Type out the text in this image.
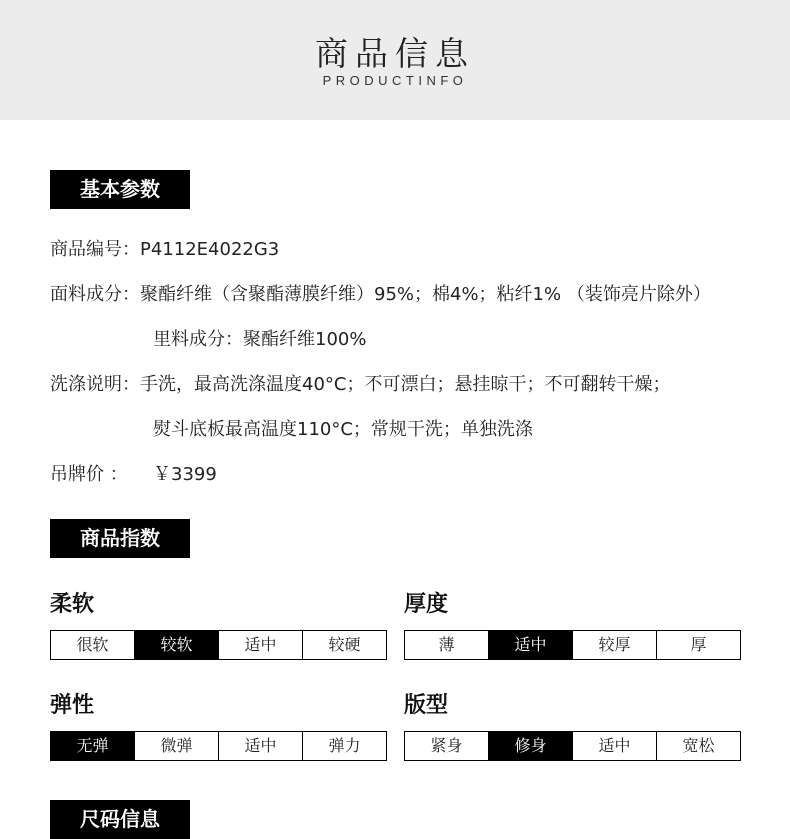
商品信息
PRODUCTINFO
基本参数
商品编号：P4112E4022G3
面料成分：聚酯纤维（含聚酯薄膜纤维）95%；棉4%；粘纤1% （装饰亮片除外）
里料成分：聚酯纤维100%
洗涤说明：手洗，最高洗涤温度40°C；不可漂白；悬挂晾干；不可翻转干燥；
熨斗底板最高温度110°C；常规干洗；单独洗涤
吊牌价 ： ￥3399
商品指数
柔软
很软	较软	适中	较硬
厚度
薄	适中	较厚	厚
弹性
无弹	微弹	适中	弹力
版型
紧身	修身	适中	宽松
尺码信息
